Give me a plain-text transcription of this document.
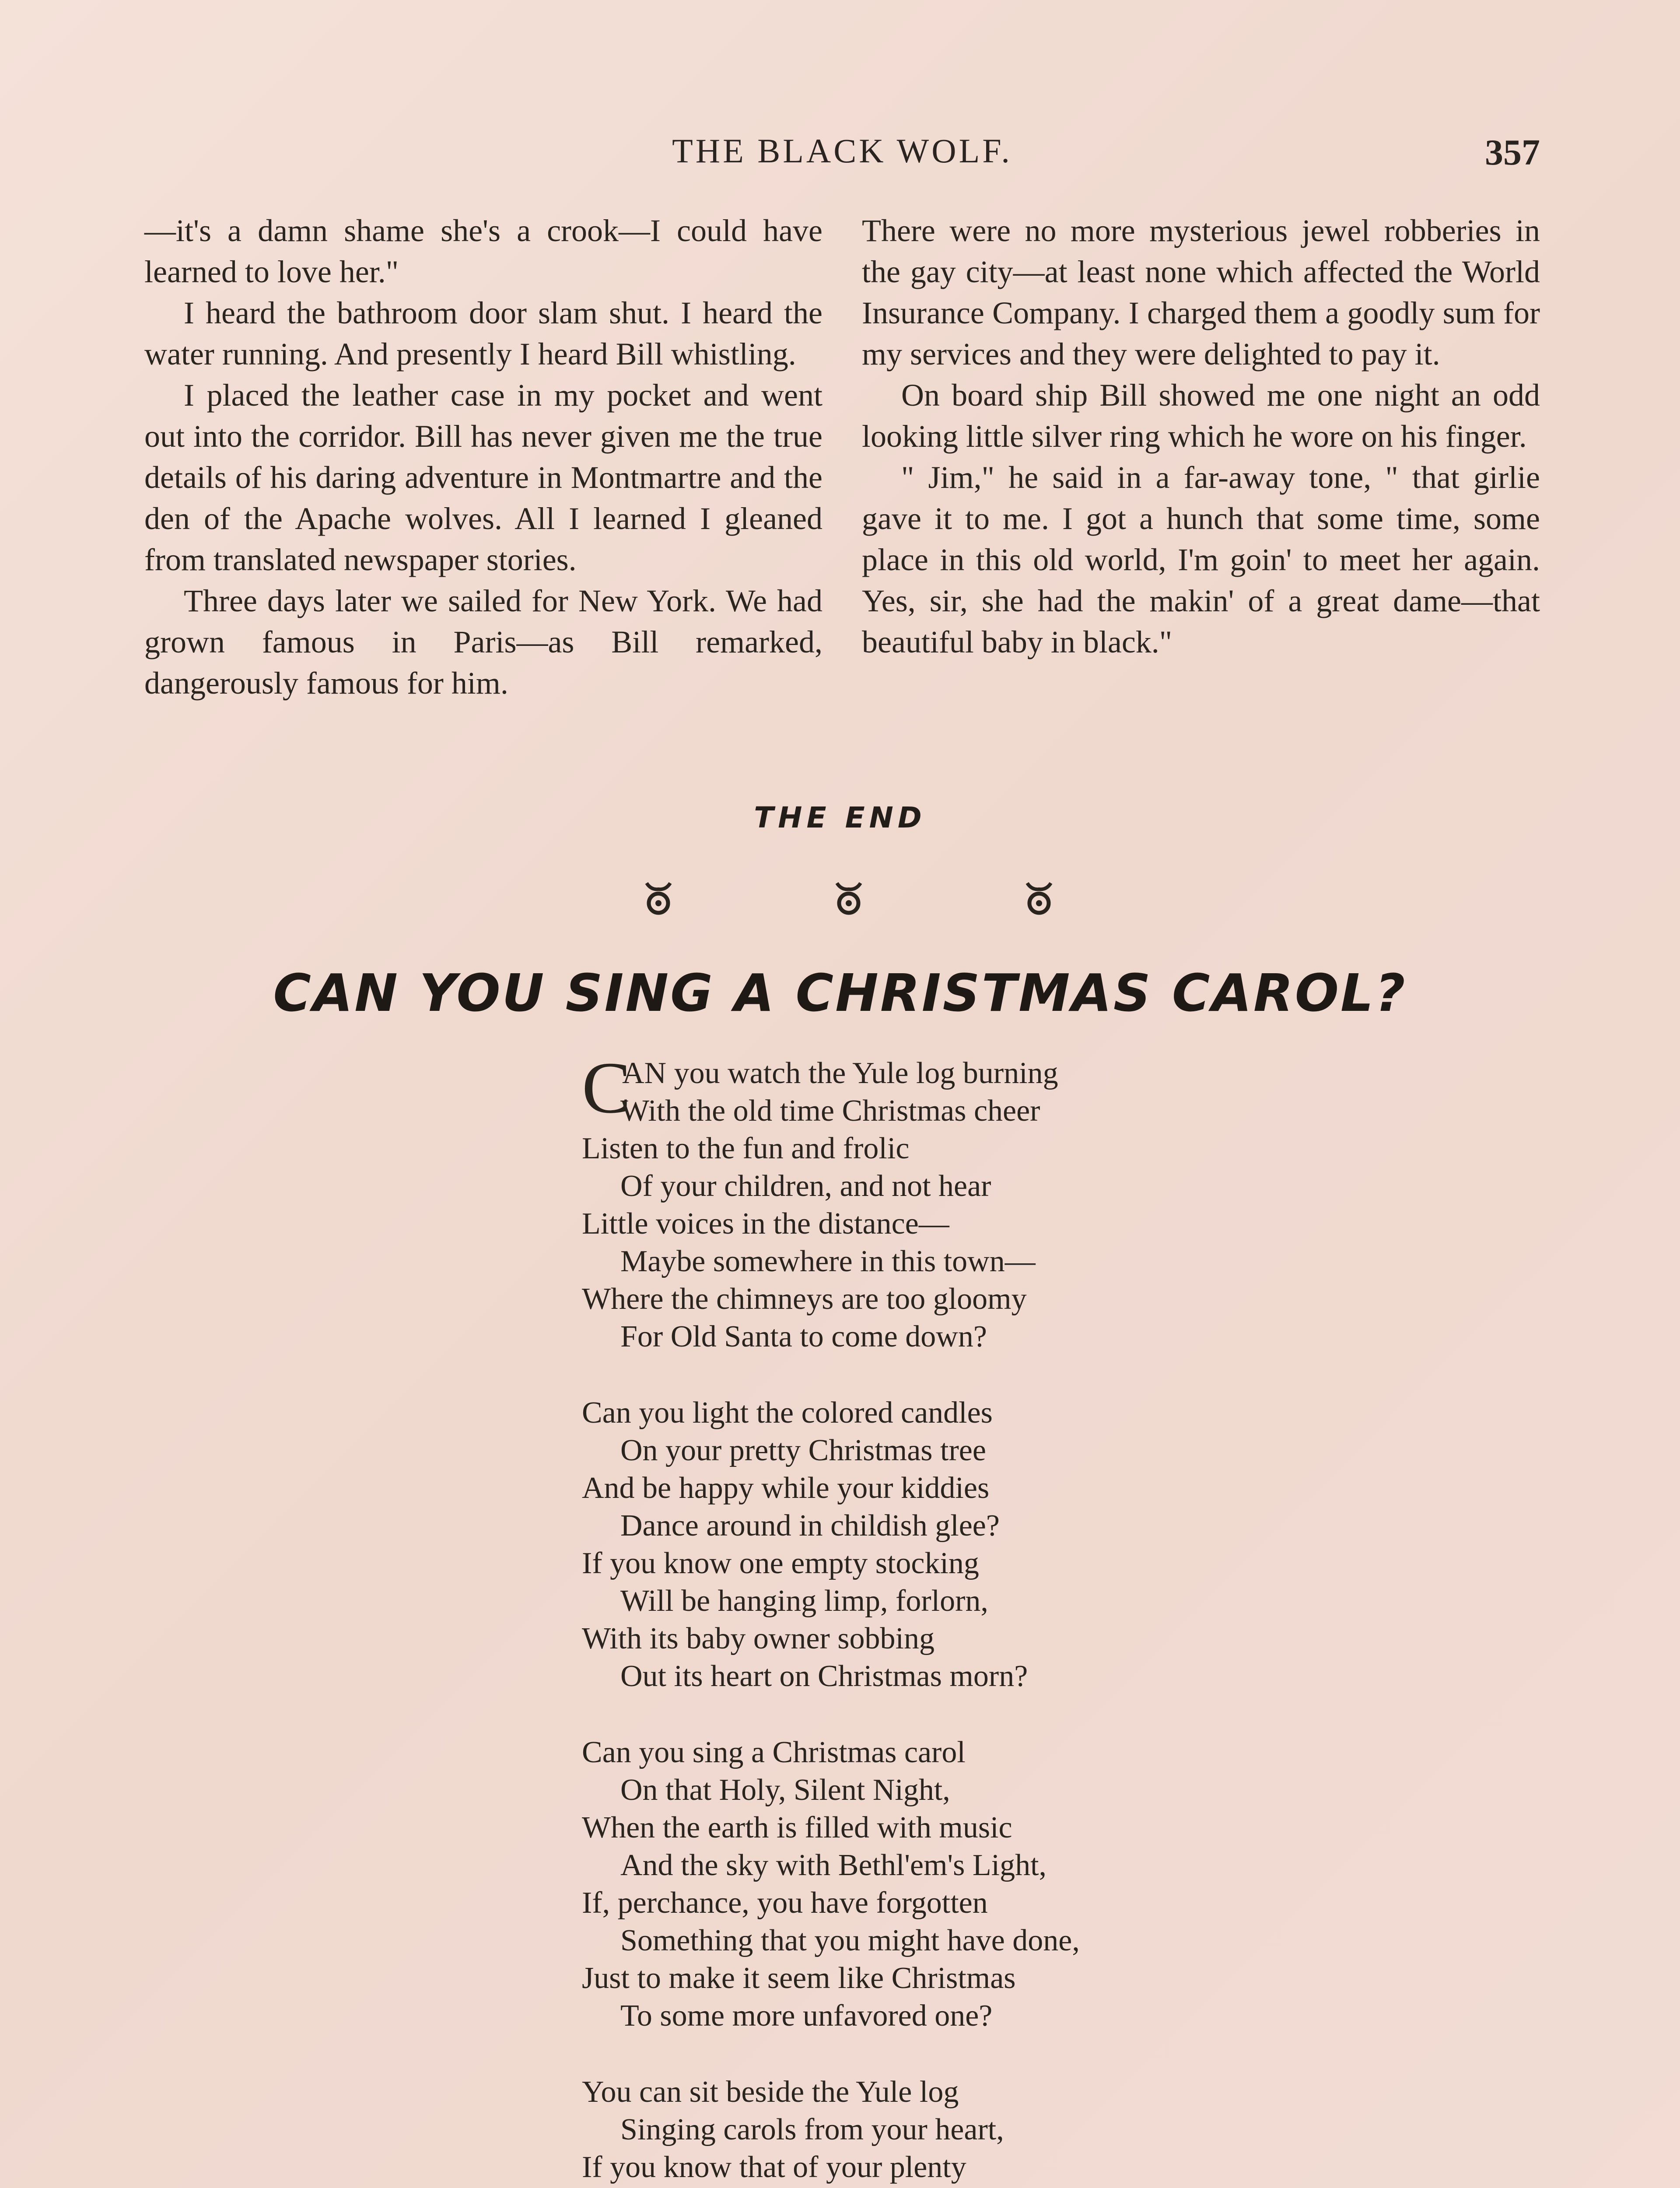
THE BLACK WOLF.	357

—it's a damn shame she's a crook—I could have learned to love her."

I heard the bathroom door slam shut. I heard the water running. And presently I heard Bill whistling.

I placed the leather case in my pocket and went out into the corridor. Bill has never given me the true details of his daring adventure in Montmartre and the den of the Apache wolves. All I learned I gleaned from translated newspaper stories.

Three days later we sailed for New York. We had grown famous in Paris—as Bill remarked, dangerously famous for him.

There were no more mysterious jewel robberies in the gay city—at least none which affected the World Insurance Company. I charged them a goodly sum for my services and they were delighted to pay it.

On board ship Bill showed me one night an odd looking little silver ring which he wore on his finger.

" Jim," he said in a far-away tone, " that girlie gave it to me. I got a hunch that some time, some place in this old world, I'm goin' to meet her again. Yes, sir, she had the makin' of a great dame—that beautiful baby in black."

THE END
CAN YOU SING A CHRISTMAS CAROL?
C
AN you watch the Yule log burning
With the old time Christmas cheer
Listen to the fun and frolic
Of your children, and not hear
Little voices in the distance—
Maybe somewhere in this town—
Where the chimneys are too gloomy
For Old Santa to come down?
Can you light the colored candles
On your pretty Christmas tree
And be happy while your kiddies
Dance around in childish glee?
If you know one empty stocking
Will be hanging limp, forlorn,
With its baby owner sobbing
Out its heart on Christmas morn?
Can you sing a Christmas carol
On that Holy, Silent Night,
When the earth is filled with music
And the sky with Bethl'em's Light,
If, perchance, you have forgotten
Something that you might have done,
Just to make it seem like Christmas
To some more unfavored one?
You can sit beside the Yule log
Singing carols from your heart,
If you know that of your plenty
